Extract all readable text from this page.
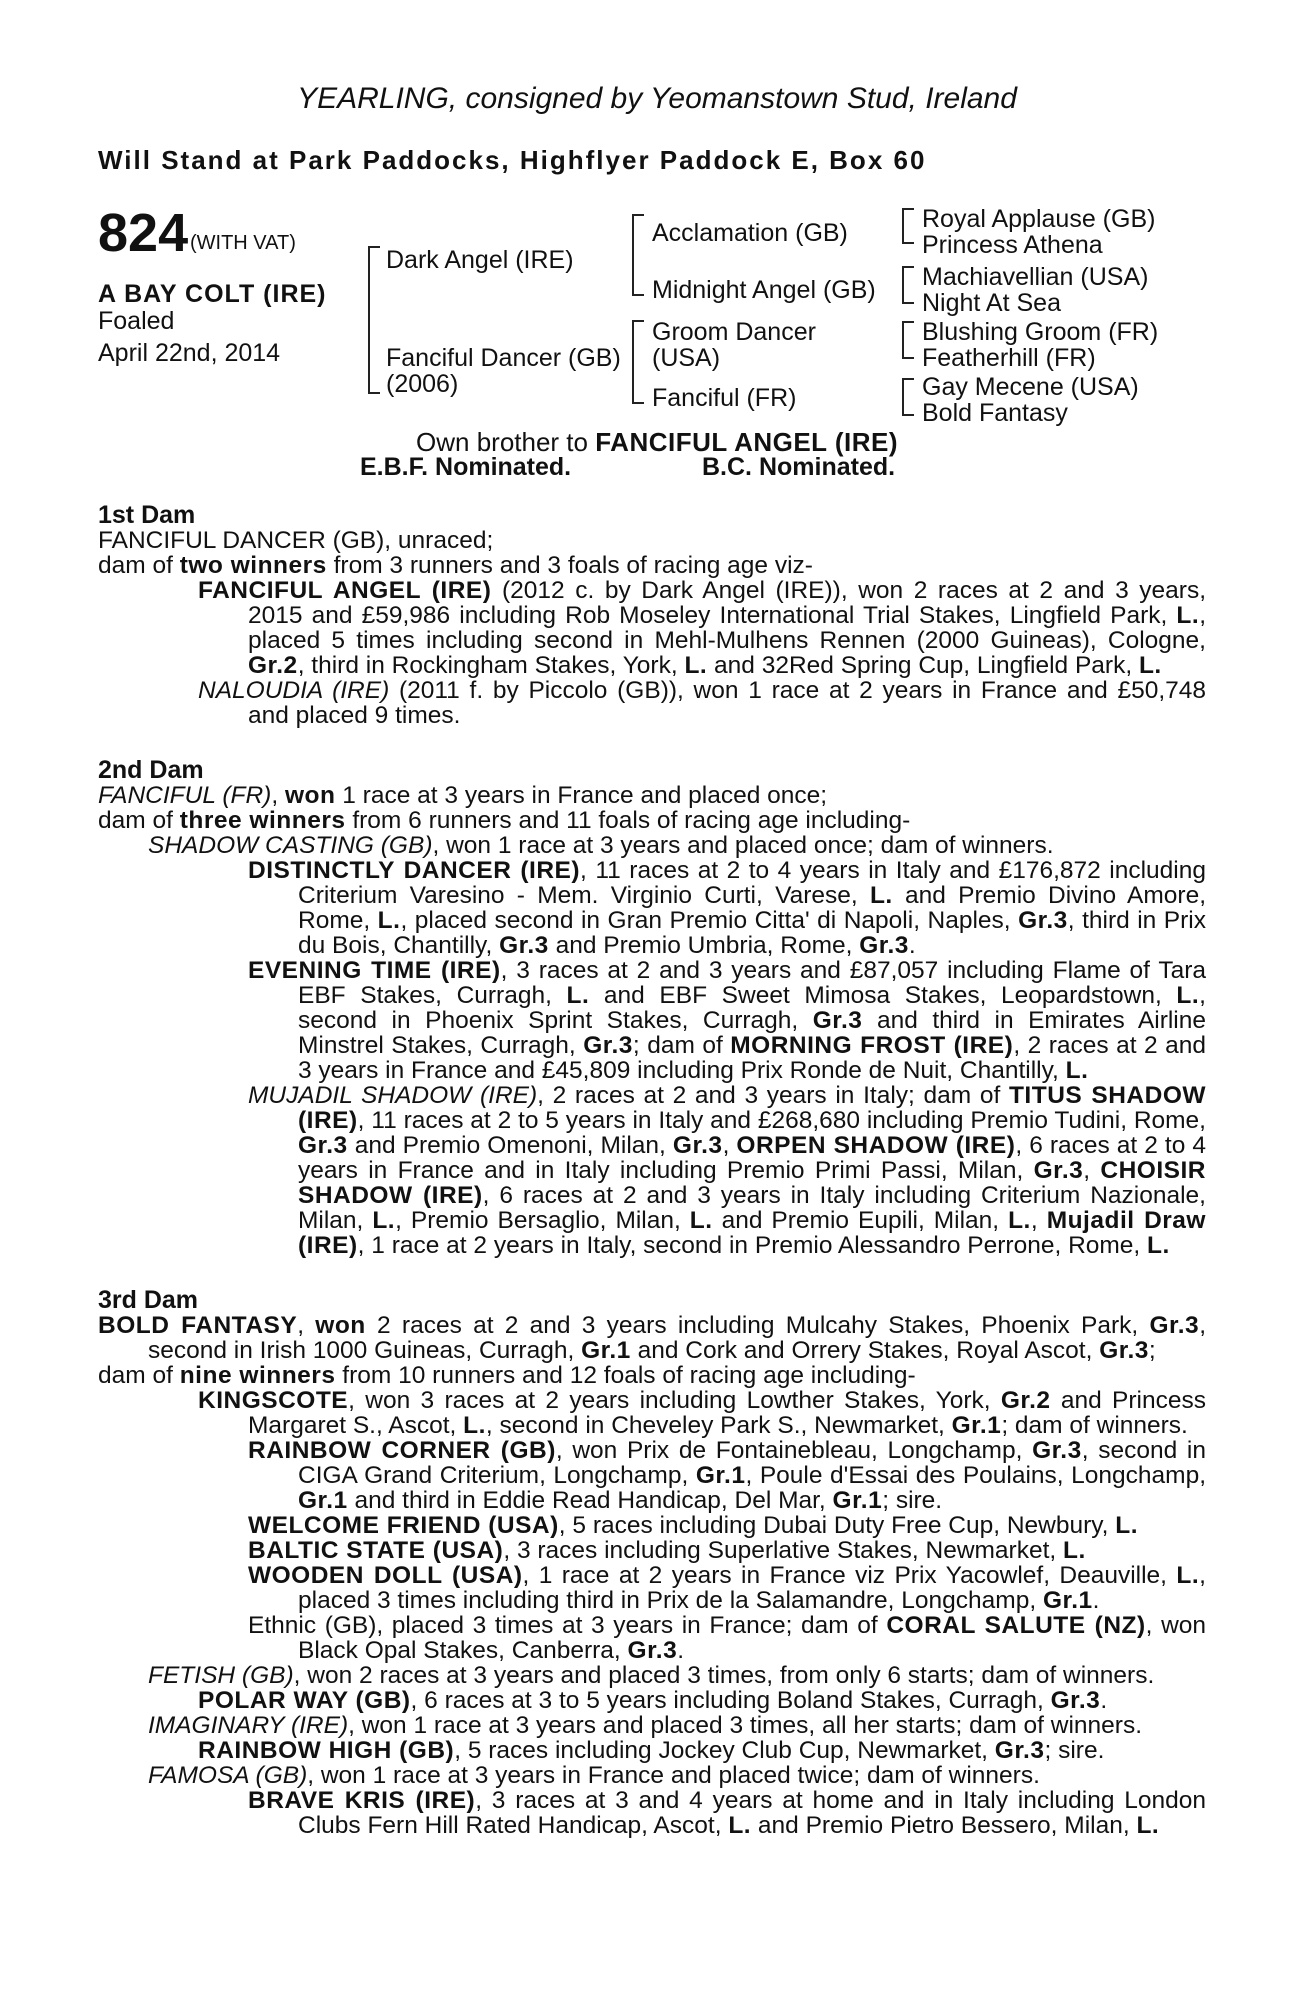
YEARLING, consigned by Yeomanstown Stud, Ireland
Will Stand at Park Paddocks, Highflyer Paddock E, Box 60
824 (WITH VAT)
A BAY COLT (IRE)
Foaled
April 22nd, 2014
Dark Angel (IRE)
Fanciful Dancer (GB)
(2006)
Acclamation (GB)
Midnight Angel (GB)
Groom Dancer
(USA)
Fanciful (FR)
Royal Applause (GB)
Princess Athena
Machiavellian (USA)
Night At Sea
Blushing Groom (FR)
Featherhill (FR)
Gay Mecene (USA)
Bold Fantasy
Own brother to FANCIFUL ANGEL (IRE)
E.B.F. Nominated.	B.C. Nominated.
1st Dam

FANCIFUL DANCER (GB), unraced;

dam of two winners from 3 runners and 3 foals of racing age viz-

FANCIFUL ANGEL (IRE) (2012 c. by Dark Angel (IRE)), won 2 races at 2 and 3 years, 2015 and £59,986 including Rob Moseley International Trial Stakes, Lingfield Park, L., placed 5 times including second in Mehl-Mulhens Rennen (2000 Guineas), Cologne, Gr.2, third in Rockingham Stakes, York, L. and 32Red Spring Cup, Lingfield Park, L.

NALOUDIA (IRE) (2011 f. by Piccolo (GB)), won 1 race at 2 years in France and £50,748 and placed 9 times.

2nd Dam

FANCIFUL (FR), won 1 race at 3 years in France and placed once;

dam of three winners from 6 runners and 11 foals of racing age including-

SHADOW CASTING (GB), won 1 race at 3 years and placed once; dam of winners.

DISTINCTLY DANCER (IRE), 11 races at 2 to 4 years in Italy and £176,872 including Criterium Varesino - Mem. Virginio Curti, Varese, L. and Premio Divino Amore, Rome, L., placed second in Gran Premio Citta' di Napoli, Naples, Gr.3, third in Prix du Bois, Chantilly, Gr.3 and Premio Umbria, Rome, Gr.3.

EVENING TIME (IRE), 3 races at 2 and 3 years and £87,057 including Flame of Tara EBF Stakes, Curragh, L. and EBF Sweet Mimosa Stakes, Leopardstown, L., second in Phoenix Sprint Stakes, Curragh, Gr.3 and third in Emirates Airline Minstrel Stakes, Curragh, Gr.3; dam of MORNING FROST (IRE), 2 races at 2 and 3 years in France and £45,809 including Prix Ronde de Nuit, Chantilly, L.

MUJADIL SHADOW (IRE), 2 races at 2 and 3 years in Italy; dam of TITUS SHADOW (IRE), 11 races at 2 to 5 years in Italy and £268,680 including Premio Tudini, Rome, Gr.3 and Premio Omenoni, Milan, Gr.3, ORPEN SHADOW (IRE), 6 races at 2 to 4 years in France and in Italy including Premio Primi Passi, Milan, Gr.3, CHOISIR SHADOW (IRE), 6 races at 2 and 3 years in Italy including Criterium Nazionale, Milan, L., Premio Bersaglio, Milan, L. and Premio Eupili, Milan, L., Mujadil Draw (IRE), 1 race at 2 years in Italy, second in Premio Alessandro Perrone, Rome, L.

3rd Dam

BOLD FANTASY, won 2 races at 2 and 3 years including Mulcahy Stakes, Phoenix Park, Gr.3, second in Irish 1000 Guineas, Curragh, Gr.1 and Cork and Orrery Stakes, Royal Ascot, Gr.3;

dam of nine winners from 10 runners and 12 foals of racing age including-

KINGSCOTE, won 3 races at 2 years including Lowther Stakes, York, Gr.2 and Princess Margaret S., Ascot, L., second in Cheveley Park S., Newmarket, Gr.1; dam of winners.

RAINBOW CORNER (GB), won Prix de Fontainebleau, Longchamp, Gr.3, second in CIGA Grand Criterium, Longchamp, Gr.1, Poule d'Essai des Poulains, Longchamp, Gr.1 and third in Eddie Read Handicap, Del Mar, Gr.1; sire.

WELCOME FRIEND (USA), 5 races including Dubai Duty Free Cup, Newbury, L.

BALTIC STATE (USA), 3 races including Superlative Stakes, Newmarket, L.

WOODEN DOLL (USA), 1 race at 2 years in France viz Prix Yacowlef, Deauville, L., placed 3 times including third in Prix de la Salamandre, Longchamp, Gr.1.

Ethnic (GB), placed 3 times at 3 years in France; dam of CORAL SALUTE (NZ), won Black Opal Stakes, Canberra, Gr.3.

FETISH (GB), won 2 races at 3 years and placed 3 times, from only 6 starts; dam of winners.

POLAR WAY (GB), 6 races at 3 to 5 years including Boland Stakes, Curragh, Gr.3.

IMAGINARY (IRE), won 1 race at 3 years and placed 3 times, all her starts; dam of winners.

RAINBOW HIGH (GB), 5 races including Jockey Club Cup, Newmarket, Gr.3; sire.

FAMOSA (GB), won 1 race at 3 years in France and placed twice; dam of winners.

BRAVE KRIS (IRE), 3 races at 3 and 4 years at home and in Italy including London Clubs Fern Hill Rated Handicap, Ascot, L. and Premio Pietro Bessero, Milan, L.
